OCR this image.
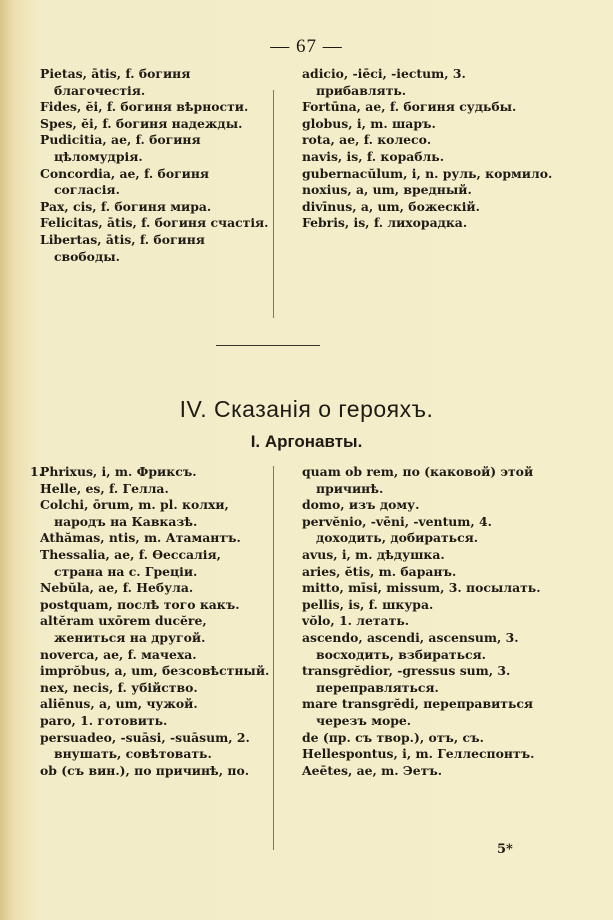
— 67 —
Pietas, ātis, f. богиня благочестія.
Fides, ĕi, f. богиня вѣрности.
Spes, ĕi, f. богиня надежды.
Pudicitia, ae, f. богиня цѣломудрія.
Concordia, ae, f. богиня согласія.
Pax, cis, f. богиня мира.
Felicitas, ātis, f. богиня счастія.
Libertas, ātis, f. богиня свободы.
adicio, -iēci, -iectum, 3. прибавлять.
Fortūna, ae, f. богиня судьбы.
globus, i, m. шаръ.
rota, ae, f. колесо.
navis, is, f. корабль.
gubernacŭlum, i, n. руль, кормило.
noxius, a, um, вредный.
divīnus, a, um, божескій.
Febris, is, f. лихорадка.
IV. Сказанія о герояхъ.
I. Аргонавты.
1.
Phrixus, i, m. Фриксъ.
Helle, es, f. Гелла.
Colchi, ōrum, m. pl. колхи, народъ на Кавказѣ.
Athămas, ntis, m. Атамантъ.
Thessalia, ae, f. Өессалія, страна на с. Греціи.
Nebŭla, ae, f. Небула.
postquam, послѣ того какъ.
altĕram uxōrem ducĕre, жениться на другой.
noverca, ae, f. мачеха.
imprŏbus, a, um, безсовѣстный.
nex, necis, f. убійство.
aliēnus, a, um, чужой.
paro, 1. готовить.
persuadeo, -suāsi, -suāsum, 2. внушать, совѣтовать.
ob (съ вин.), по причинѣ, по.
quam ob rem, по (каковой) этой причинѣ.
domo, изъ дому.
pervĕnio, -vēni, -ventum, 4. доходить, добираться.
avus, i, m. дѣдушка.
aries, ĕtis, m. баранъ.
mitto, mīsi, missum, 3. посылать.
pellis, is, f. шкура.
vŏlo, 1. летать.
ascendo, ascendi, ascensum, 3. восходить, взбираться.
transgrĕdior, -gressus sum, 3. переправляться.
mare transgrĕdi, переправиться черезъ море.
de (пр. съ твор.), отъ, съ.
Hellespontus, i, m. Геллеспонтъ.
Aeētes, ae, m. Эетъ.
5*
